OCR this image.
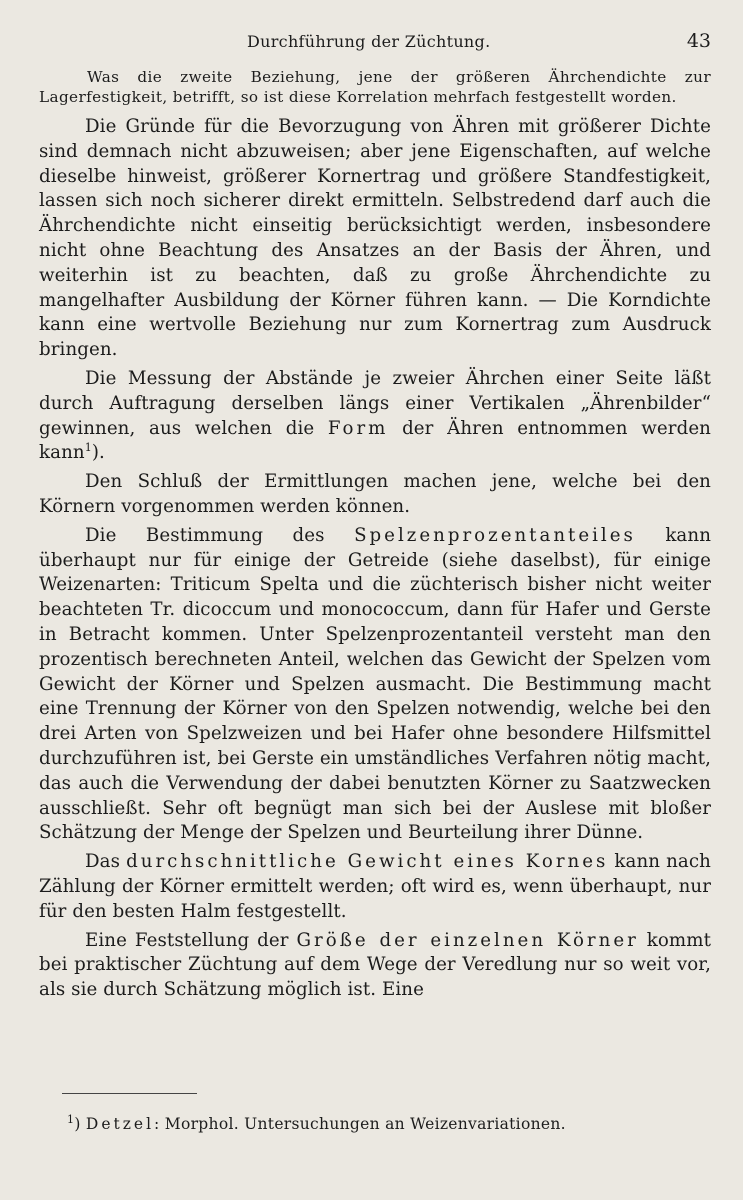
Durchführung der Züchtung.	43
Was die zweite Beziehung, jene der größeren Ährchendichte zur Lagerfestigkeit, betrifft, so ist diese Korrelation mehrfach festgestellt worden.

Die Gründe für die Bevorzugung von Ähren mit größerer Dichte sind demnach nicht abzuweisen; aber jene Eigenschaften, auf welche dieselbe hinweist, größerer Kornertrag und größere Standfestigkeit, lassen sich noch sicherer direkt ermitteln. Selbstredend darf auch die Ährchendichte nicht einseitig berücksichtigt werden, insbesondere nicht ohne Beachtung des Ansatzes an der Basis der Ähren, und weiterhin ist zu beachten, daß zu große Ährchendichte zu mangelhafter Ausbildung der Körner führen kann. — Die Korndichte kann eine wertvolle Beziehung nur zum Kornertrag zum Ausdruck bringen.

Die Messung der Abstände je zweier Ährchen einer Seite läßt durch Auftragung derselben längs einer Vertikalen „Ährenbilder“ gewinnen, aus welchen die Form der Ähren entnommen werden kann$^1$).

Den Schluß der Ermittlungen machen jene, welche bei den Körnern vorgenommen werden können.

Die Bestimmung des Spelzenprozentanteiles kann überhaupt nur für einige der Getreide (siehe daselbst), für einige Weizenarten: Triticum Spelta und die züchterisch bisher nicht weiter beachteten Tr. dicoccum und monococcum, dann für Hafer und Gerste in Betracht kommen. Unter Spelzenprozentanteil versteht man den prozentisch berechneten Anteil, welchen das Gewicht der Spelzen vom Gewicht der Körner und Spelzen ausmacht. Die Bestimmung macht eine Trennung der Körner von den Spelzen notwendig, welche bei den drei Arten von Spelzweizen und bei Hafer ohne besondere Hilfsmittel durchzuführen ist, bei Gerste ein umständliches Verfahren nötig macht, das auch die Verwendung der dabei benutzten Körner zu Saatzwecken ausschließt. Sehr oft begnügt man sich bei der Auslese mit bloßer Schätzung der Menge der Spelzen und Beurteilung ihrer Dünne.

Das durchschnittliche Gewicht eines Kornes kann nach Zählung der Körner ermittelt werden; oft wird es, wenn überhaupt, nur für den besten Halm festgestellt.

Eine Feststellung der Größe der einzelnen Körner kommt bei praktischer Züchtung auf dem Wege der Veredlung nur so weit vor, als sie durch Schätzung möglich ist. Eine

$^1$) Detzel: Morphol. Untersuchungen an Weizenvariationen.
